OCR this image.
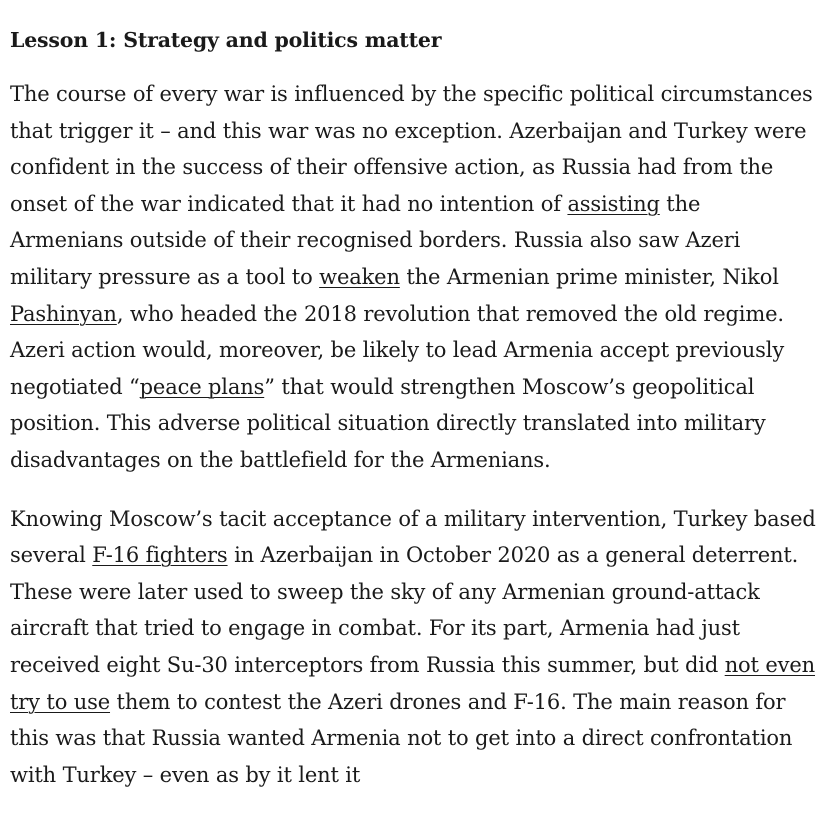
Lesson 1: Strategy and politics matter

The course of every war is influenced by the specific political circumstances that trigger it – and this war was no exception. Azerbaijan and Turkey were confident in the success of their offensive action, as Russia had from the onset of the war indicated that it had no intention of assisting the Armenians outside of their recognised borders. Russia also saw Azeri military pressure as a tool to weaken the Armenian prime minister, Nikol Pashinyan, who headed the 2018 revolution that removed the old regime. Azeri action would, moreover, be likely to lead Armenia accept previously negotiated “peace plans” that would strengthen Moscow’s geopolitical position. This adverse political situation directly translated into military disadvantages on the battlefield for the Armenians.

Knowing Moscow’s tacit acceptance of a military intervention, Turkey based several F-16 fighters in Azerbaijan in October 2020 as a general deterrent. These were later used to sweep the sky of any Armenian ground-attack aircraft that tried to engage in combat. For its part, Armenia had just received eight Su-30 interceptors from Russia this summer, but did not even try to use them to contest the Azeri drones and F-16. The main reason for this was that Russia wanted Armenia not to get into a direct confrontation with Turkey – even as by it lent it
